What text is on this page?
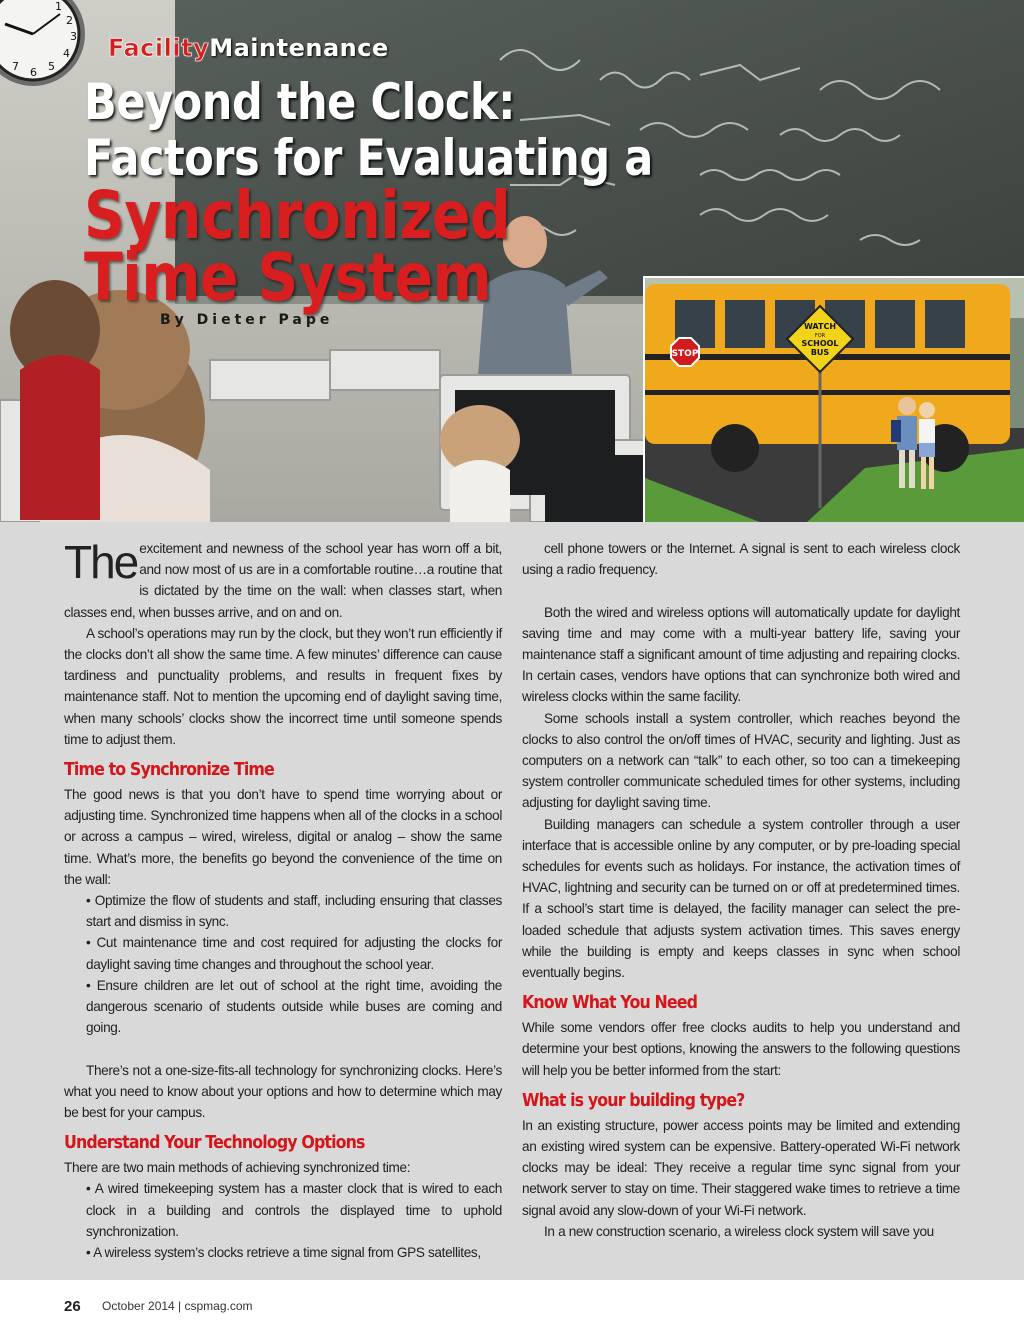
1
2
3
4
5
6
7
FacilityMaintenance
Beyond the Clock:
Factors for Evaluating a
Synchronized
Time System
By Dieter Pape
STOP
WATCH
FOR
SCHOOL
BUS

The excitement and newness of the school year has worn off a bit, and now most of us are in a comfortable routine…a routine that is dictated by the time on the wall: when classes start, when classes end, when busses arrive, and on and on.

A school’s operations may run by the clock, but they won’t run efficiently if the clocks don’t all show the same time. A few minutes’ difference can cause tardiness and punctuality problems, and results in frequent fixes by maintenance staff. Not to mention the upcoming end of daylight saving time, when many schools’ clocks show the incorrect time until someone spends time to adjust them.

Time to Synchronize Time

The good news is that you don’t have to spend time worrying about or adjusting time. Synchronized time happens when all of the clocks in a school or across a campus – wired, wireless, digital or analog – show the same time. What’s more, the benefits go beyond the convenience of the time on the wall:

• Optimize the flow of students and staff, including ensuring that classes start and dismiss in sync.

• Cut maintenance time and cost required for adjusting the clocks for daylight saving time changes and throughout the school year.

• Ensure children are let out of school at the right time, avoiding the dangerous scenario of students outside while buses are coming and going.

There’s not a one-size-fits-all technology for synchronizing clocks. Here’s what you need to know about your options and how to determine which may be best for your campus.

Understand Your Technology Options

There are two main methods of achieving synchronized time:

• A wired timekeeping system has a master clock that is wired to each clock in a building and controls the displayed time to uphold synchronization.

• A wireless system’s clocks retrieve a time signal from GPS satellites,

cell phone towers or the Internet. A signal is sent to each wireless clock using a radio frequency.

Both the wired and wireless options will automatically update for daylight saving time and may come with a multi-year battery life, saving your maintenance staff a significant amount of time adjusting and repairing clocks. In certain cases, vendors have options that can synchronize both wired and wireless clocks within the same facility.

Some schools install a system controller, which reaches beyond the clocks to also control the on/off times of HVAC, security and lighting. Just as computers on a network can “talk” to each other, so too can a timekeeping system controller communicate scheduled times for other systems, including adjusting for daylight saving time.

Building managers can schedule a system controller through a user interface that is accessible online by any computer, or by pre-loading special schedules for events such as holidays. For instance, the activation times of HVAC, lightning and security can be turned on or off at predetermined times. If a school’s start time is delayed, the facility manager can select the pre-loaded schedule that adjusts system activation times. This saves energy while the building is empty and keeps classes in sync when school eventually begins.

Know What You Need

While some vendors offer free clocks audits to help you understand and determine your best options, knowing the answers to the following questions will help you be better informed from the start:

What is your building type?

In an existing structure, power access points may be limited and extending an existing wired system can be expensive. Battery-operated Wi-Fi network clocks may be ideal: They receive a regular time sync signal from your network server to stay on time. Their staggered wake times to retrieve a time signal avoid any slow-down of your Wi-Fi network.

In a new construction scenario, a wireless clock system will save you

26 October 2014 | cspmag.com
